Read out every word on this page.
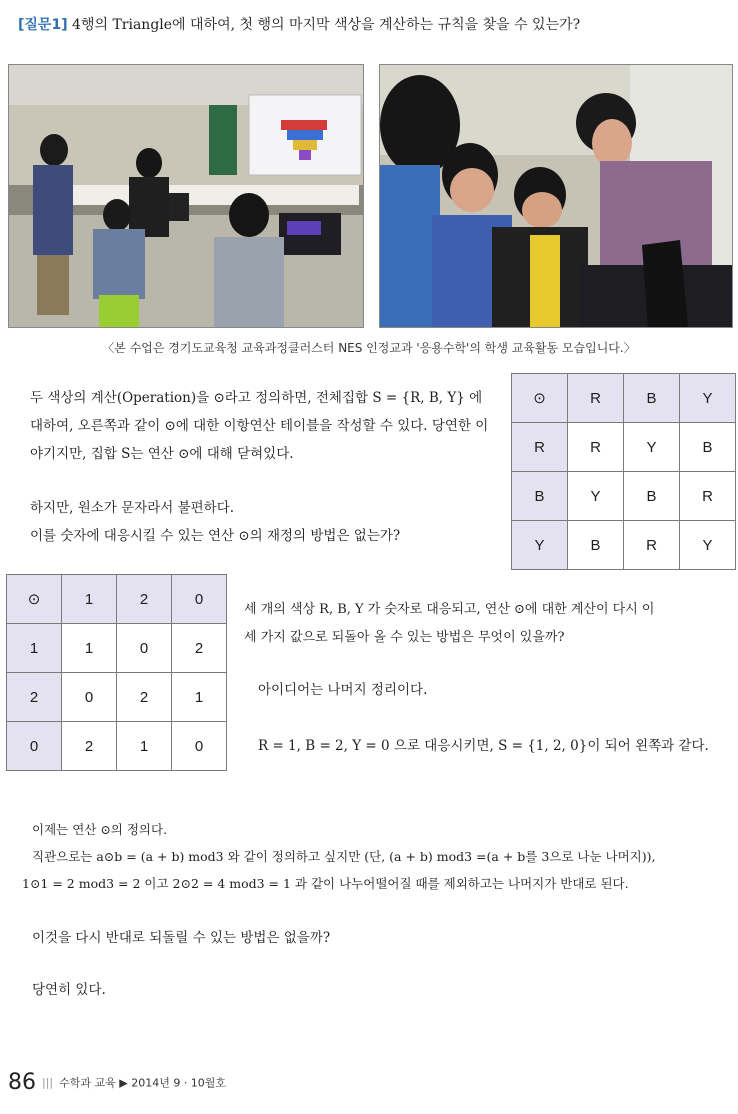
[질문1] 4행의 Triangle에 대하여, 첫 행의 마지막 색상을 계산하는 규칙을 찾을 수 있는가?
〈본 수업은 경기도교육청 교육과정클러스터 NES 인정교과 '응용수학'의 학생 교육활동 모습입니다.〉

두 색상의 계산(Operation)을 ⊙라고 정의하면, 전체집합 S = {R, B, Y} 에

대하여, 오른쪽과 같이 ⊙에 대한 이항연산 테이블을 작성할 수 있다. 당연한 이

야기지만, 집합 S는 연산 ⊙에 대해 닫혀있다.

하지만, 원소가 문자라서 불편하다.

이를 숫자에 대응시킬 수 있는 연산 ⊙의 재정의 방법은 없는가?

⊙	R	B	Y
R	R	Y	B
B	Y	B	R
Y	B	R	Y
⊙	1	2	0
1	1	0	2
2	0	2	1
0	2	1	0

세 개의 색상 R, B, Y 가 숫자로 대응되고, 연산 ⊙에 대한 계산이 다시 이

세 가지 값으로 되돌아 올 수 있는 방법은 무엇이 있을까?

아이디어는 나머지 정리이다.

R = 1, B = 2, Y = 0 으로 대응시키면, S = {1, 2, 0}이 되어 왼쪽과 같다.

이제는 연산 ⊙의 정의다.

직관으로는 a⊙b = (a + b) mod3 와 같이 정의하고 싶지만 (단, (a + b) mod3 =(a + b를 3으로 나눈 나머지)),

1⊙1 = 2 mod3 = 2 이고 2⊙2 = 4 mod3 = 1 과 같이 나누어떨어질 때를 제외하고는 나머지가 반대로 된다.

이것을 다시 반대로 되돌릴 수 있는 방법은 없을까?

당연히 있다.

86 ||| 수학과 교육 ▶ 2014년 9 · 10월호
